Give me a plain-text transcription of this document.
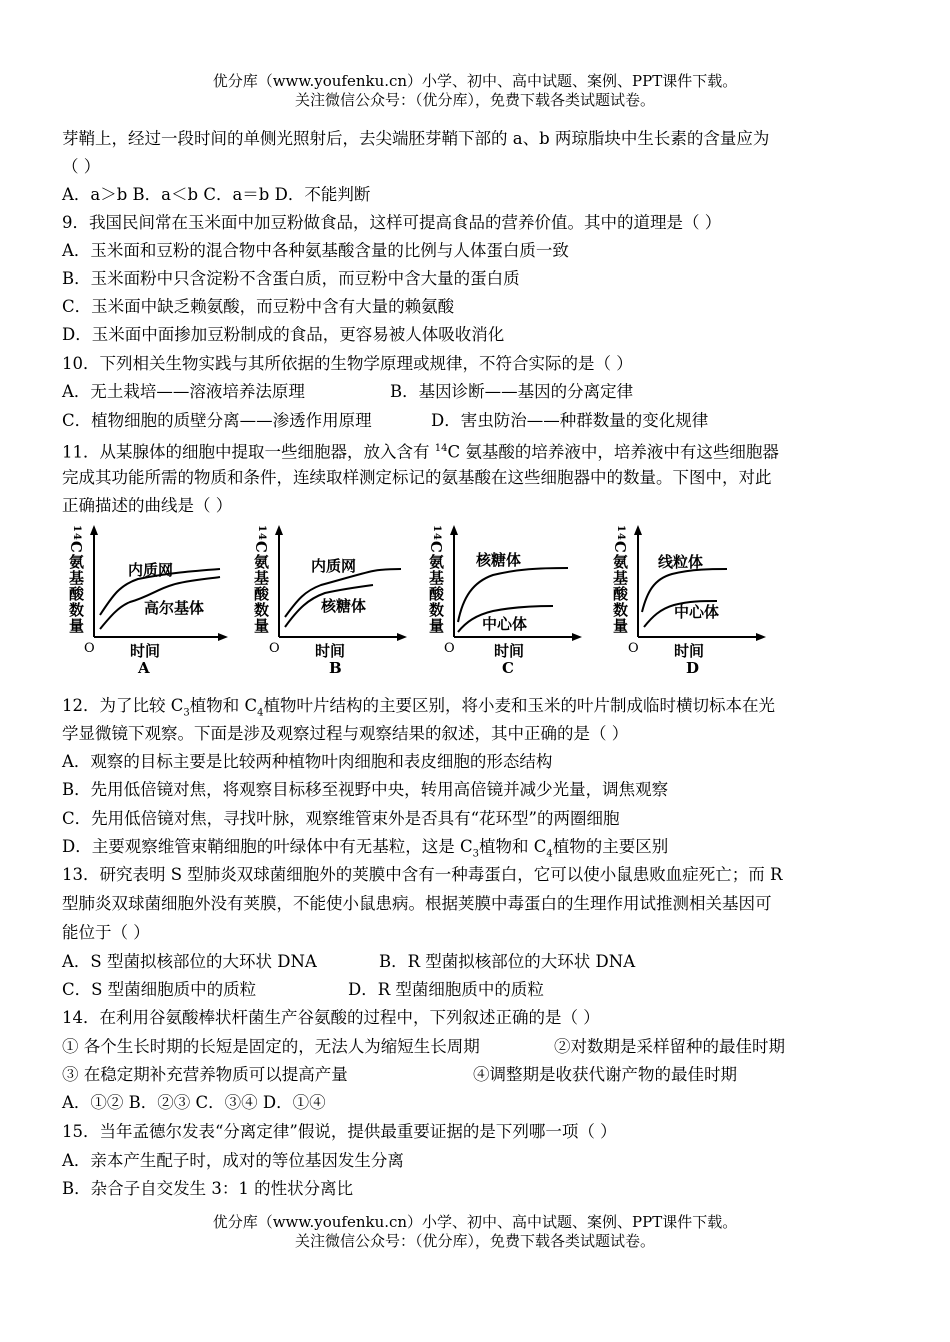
优分库（www.youfenku.cn）小学、初中、高中试题、案例、PPT课件下载。
关注微信公众号：（优分库），免费下载各类试题试卷。
芽鞘上，经过一段时间的单侧光照射后，去尖端胚芽鞘下部的 a、b 两琼脂块中生长素的含量应为
（ ）
A．a＞b B．a＜b C．a＝b D．不能判断
9．我国民间常在玉米面中加豆粉做食品，这样可提高食品的营养价值。其中的道理是（ ）
A．玉米面和豆粉的混合物中各种氨基酸含量的比例与人体蛋白质一致
B．玉米面粉中只含淀粉不含蛋白质，而豆粉中含大量的蛋白质
C．玉米面中缺乏赖氨酸，而豆粉中含有大量的赖氨酸
D．玉米面中面掺加豆粉制成的食品，更容易被人体吸收消化
10．下列相关生物实践与其所依据的生物学原理或规律，不符合实际的是（ ）
A．无土栽培——溶液培养法原理	B．基因诊断——基因的分离定律
C．植物细胞的质壁分离——渗透作用原理	D．害虫防治——种群数量的变化规律
11．从某腺体的细胞中提取一些细胞器，放入含有 $^{14}$C 氨基酸的培养液中，培养液中有这些细胞器
完成其功能所需的物质和条件，连续取样测定标记的氨基酸在这些细胞器中的数量。下图中，对此
正确描述的曲线是（ ）
14C氨基酸数量	内质网
高尔基体
O 时间
A
14C氨基酸数量	内质网
核糖体
O 时间
B
14C氨基酸数量 核糖体
中心体
O	时间
C
14C氨基酸数量 线粒体
中心体
O 时间
D
12．为了比较 $C_3$植物和 $C_4$植物叶片结构的主要区别，将小麦和玉米的叶片制成临时横切标本在光
学显微镜下观察。下面是涉及观察过程与观察结果的叙述，其中正确的是（ ）
A．观察的目标主要是比较两种植物叶肉细胞和表皮细胞的形态结构
B．先用低倍镜对焦，将观察目标移至视野中央，转用高倍镜并减少光量，调焦观察
C．先用低倍镜对焦，寻找叶脉，观察维管束外是否具有“花环型”的两圈细胞
D．主要观察维管束鞘细胞的叶绿体中有无基粒，这是 $C_3$植物和 $C_4$植物的主要区别
13．研究表明 S 型肺炎双球菌细胞外的荚膜中含有一种毒蛋白，它可以使小鼠患败血症死亡；而 R
型肺炎双球菌细胞外没有荚膜，不能使小鼠患病。根据荚膜中毒蛋白的生理作用试推测相关基因可
能位于（ ）
A．S 型菌拟核部位的大环状 DNA	B．R 型菌拟核部位的大环状 DNA
C．S 型菌细胞质中的质粒	D．R 型菌细胞质中的质粒
14．在利用谷氨酸棒状杆菌生产谷氨酸的过程中，下列叙述正确的是（ ）
① 各个生长时期的长短是固定的，无法人为缩短生长周期	②对数期是采样留种的最佳时期
③ 在稳定期补充营养物质可以提高产量	④调整期是收获代谢产物的最佳时期
A．①② B．②③ C．③④ D．①④
15．当年孟德尔发表“分离定律”假说，提供最重要证据的是下列哪一项（ ）
A．亲本产生配子时，成对的等位基因发生分离
B．杂合子自交发生 3：1 的性状分离比
优分库（www.youfenku.cn）小学、初中、高中试题、案例、PPT课件下载。
关注微信公众号：（优分库），免费下载各类试题试卷。
